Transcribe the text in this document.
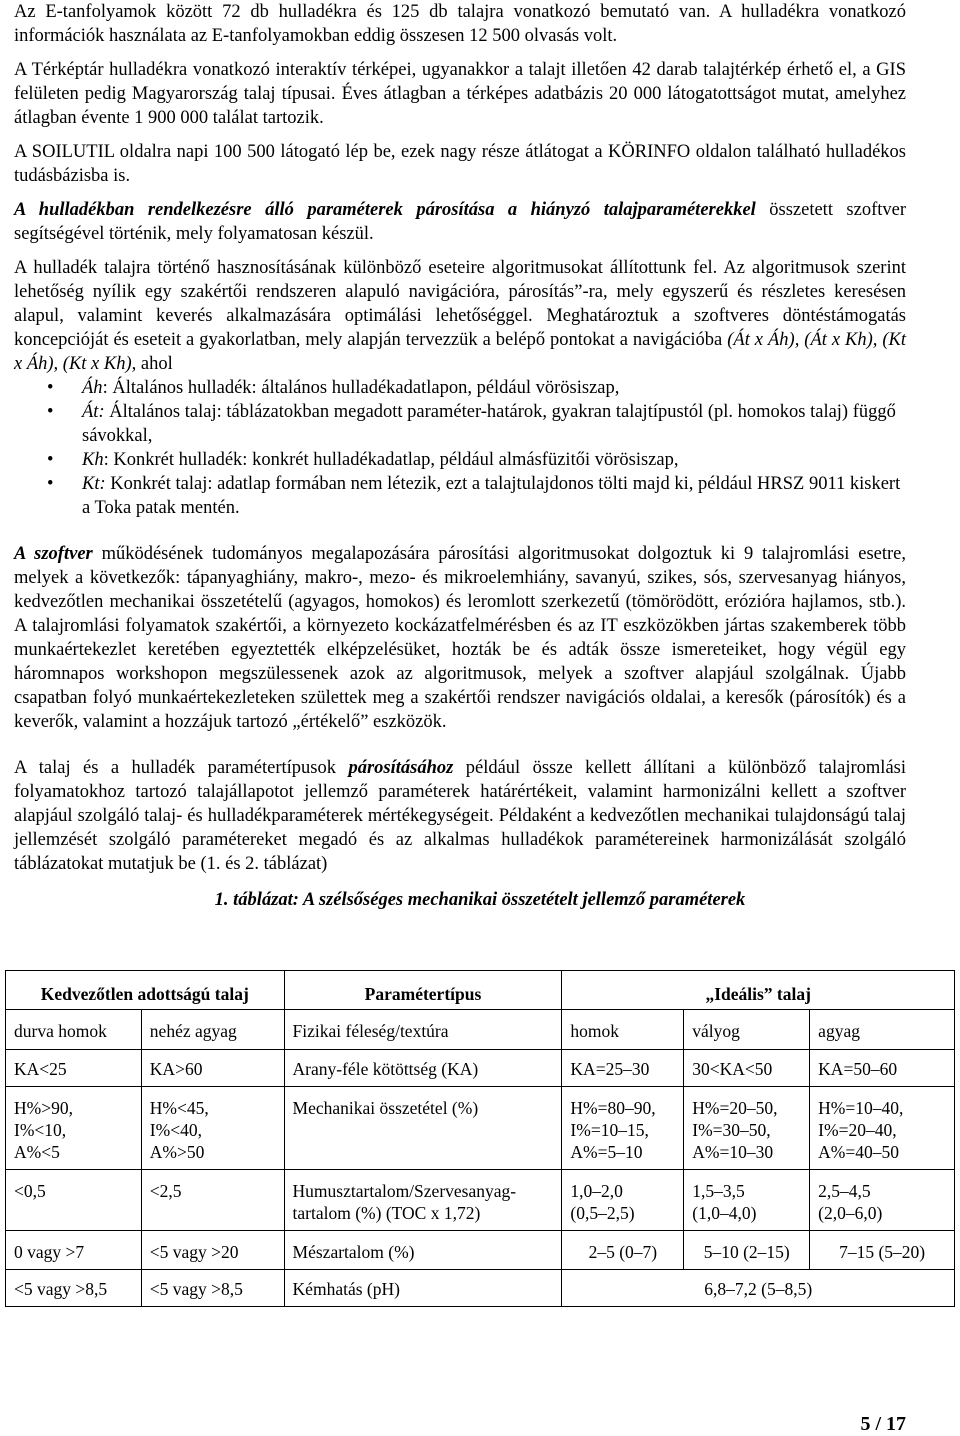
Az E-tanfolyamok között 72 db hulladékra és 125 db talajra vonatkozó bemutató van. A hulladékra vonatkozó információk használata az E-tanfolyamokban eddig összesen 12 500 olvasás volt.

A Térképtár hulladékra vonatkozó interaktív térképei, ugyanakkor a talajt illetően 42 darab talajtérkép érhető el, a GIS felületen pedig Magyarország talaj típusai. Éves átlagban a térképes adatbázis 20 000 látogatottságot mutat, amelyhez átlagban évente 1 900 000 találat tartozik.

A SOILUTIL oldalra napi 100 500 látogató lép be, ezek nagy része átlátogat a KÖRINFO oldalon található hulladékos tudásbázisba is.

A hulladékban rendelkezésre álló paraméterek párosítása a hiányzó talajparaméterekkel összetett szoftver segítségével történik, mely folyamatosan készül.

A hulladék talajra történő hasznosításának különböző eseteire algoritmusokat állítottunk fel. Az algoritmusok szerint lehetőség nyílik egy szakértői rendszeren alapuló navigációra, párosítás”-ra, mely egyszerű és részletes keresésen alapul, valamint keverés alkalmazására optimálási lehetőséggel. Meghatároztuk a szoftveres döntéstámogatás koncepcióját és eseteit a gyakorlatban, mely alapján tervezzük a belépő pontokat a navigációba (Át x Áh), (Át x Kh), (Kt x Áh), (Kt x Kh), ahol

• Áh: Általános hulladék: általános hulladékadatlapon, például vörösiszap,
• Át: Általános talaj: táblázatokban megadott paraméter-határok, gyakran talajtípustól (pl. homokos talaj) függő sávokkal,
• Kh: Konkrét hulladék: konkrét hulladékadatlap, például almásfüzitői vörösiszap,
• Kt: Konkrét talaj: adatlap formában nem létezik, ezt a talajtulajdonos tölti majd ki, például HRSZ 9011 kiskert a Toka patak mentén.

A szoftver működésének tudományos megalapozására párosítási algoritmusokat dolgoztuk ki 9 talajromlási esetre, melyek a következők: tápanyaghiány, makro-, mezo- és mikroelemhiány, savanyú, szikes, sós, szervesanyag hiányos, kedvezőtlen mechanikai összetételű (agyagos, homokos) és leromlott szerkezetű (tömörödött, erózióra hajlamos, stb.). A talajromlási folyamatok szakértői, a környezeto kockázatfelmérésben és az IT eszközökben jártas szakemberek több munkaértekezlet keretében egyeztették elképzelésüket, hozták be és adták össze ismereteiket, hogy végül egy háromnapos workshopon megszülessenek azok az algoritmusok, melyek a szoftver alapjául szolgálnak. Újabb csapatban folyó munkaértekezleteken születtek meg a szakértői rendszer navigációs oldalai, a keresők (párosítók) és a keverők, valamint a hozzájuk tartozó „értékelő” eszközök.

A talaj és a hulladék paramétertípusok párosításához például össze kellett állítani a különböző talajromlási folyamatokhoz tartozó talajállapotot jellemző paraméterek határértékeit, valamint harmonizálni kellett a szoftver alapjául szolgáló talaj- és hulladékparaméterek mértékegységeit. Példaként a kedvezőtlen mechanikai tulajdonságú talaj jellemzését szolgáló paramétereket megadó és az alkalmas hulladékok paramétereinek harmonizálását szolgáló táblázatokat mutatjuk be (1. és 2. táblázat)

1. táblázat: A szélsőséges mechanikai összetételt jellemző paraméterek
Kedvezőtlen adottságú talaj		Paramétertípus	„Ideális” talaj		
durva homok	nehéz agyag	Fizikai féleség/textúra	homok	vályog	agyag
KA<25	KA>60	Arany-féle kötöttség (KA)	KA=25–30	30<KA<50	KA=50–60

H%>90,
I%<10,
A%<5	H%<45,
I%<40,
A%>50	Mechanikai összetétel (%)	H%=80–90,
I%=10–15,
A%=5–10	H%=20–50,
I%=30–50,
A%=10–30	H%=10–40,
I%=20–40,
A%=40–50

<0,5	<2,5	Humusztartalom/Szervesanyag-
tartalom (%) (TOC x 1,72)	1,0–2,0
(0,5–2,5)	1,5–3,5
(1,0–4,0)	2,5–4,5
(2,0–6,0)

0 vagy >7	<5 vagy >20	Mészartalom (%)	2–5 (0–7)	5–10 (2–15)	7–15 (5–20)
<5 vagy >8,5	<5 vagy >8,5	Kémhatás (pH)	6,8–7,2 (5–8,5)		
5 / 17
